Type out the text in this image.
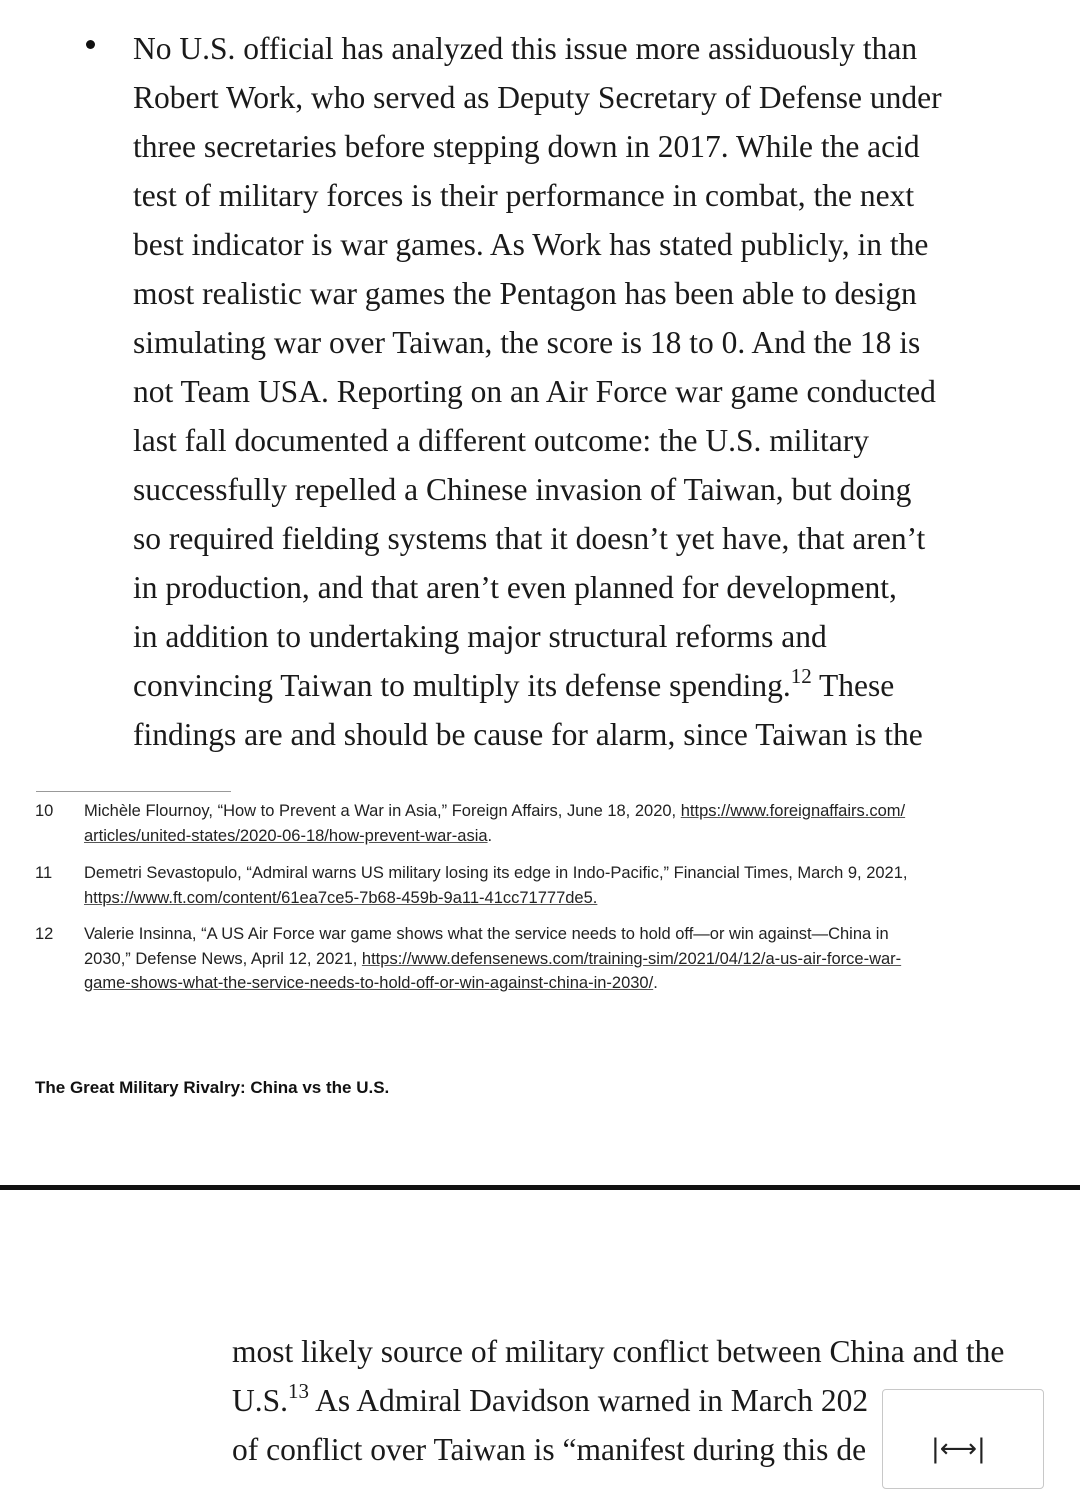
No U.S. official has analyzed this issue more assiduously than
Robert Work, who served as Deputy Secretary of Defense under
three secretaries before stepping down in 2017. While the acid
test of military forces is their performance in combat, the next
best indicator is war games. As Work has stated publicly, in the
most realistic war games the Pentagon has been able to design
simulating war over Taiwan, the score is 18 to 0. And the 18 is
not Team USA. Reporting on an Air Force war game conducted
last fall documented a different outcome: the U.S. military
successfully repelled a Chinese invasion of Taiwan, but doing
so required fielding systems that it doesn’t yet have, that aren’t
in production, and that aren’t even planned for development,
in addition to undertaking major structural reforms and
convincing Taiwan to multiply its defense spending.$^{12}$ These
findings are and should be cause for alarm, since Taiwan is the
10 Michèle Flournoy, “How to Prevent a War in Asia,” Foreign Affairs, June 18, 2020, https://www.foreignaffairs.com/
articles/united-states/2020-06-18/how-prevent-war-asia.
11 Demetri Sevastopulo, “Admiral warns US military losing its edge in Indo-Pacific,” Financial Times, March 9, 2021,
https://www.ft.com/content/61ea7ce5-7b68-459b-9a11-41cc71777de5.
12 Valerie Insinna, “A US Air Force war game shows what the service needs to hold off—or win against—China in
2030,” Defense News, April 12, 2021, https://www.defensenews.com/training-sim/2021/04/12/a-us-air-force-war-
game-shows-what-the-service-needs-to-hold-off-or-win-against-china-in-2030/.
The Great Military Rivalry: China vs the U.S.
most likely source of military conflict between China and the
U.S.$^{13}$ As Admiral Davidson warned in March 202
of conflict over Taiwan is “manifest during this de	|⟷|
